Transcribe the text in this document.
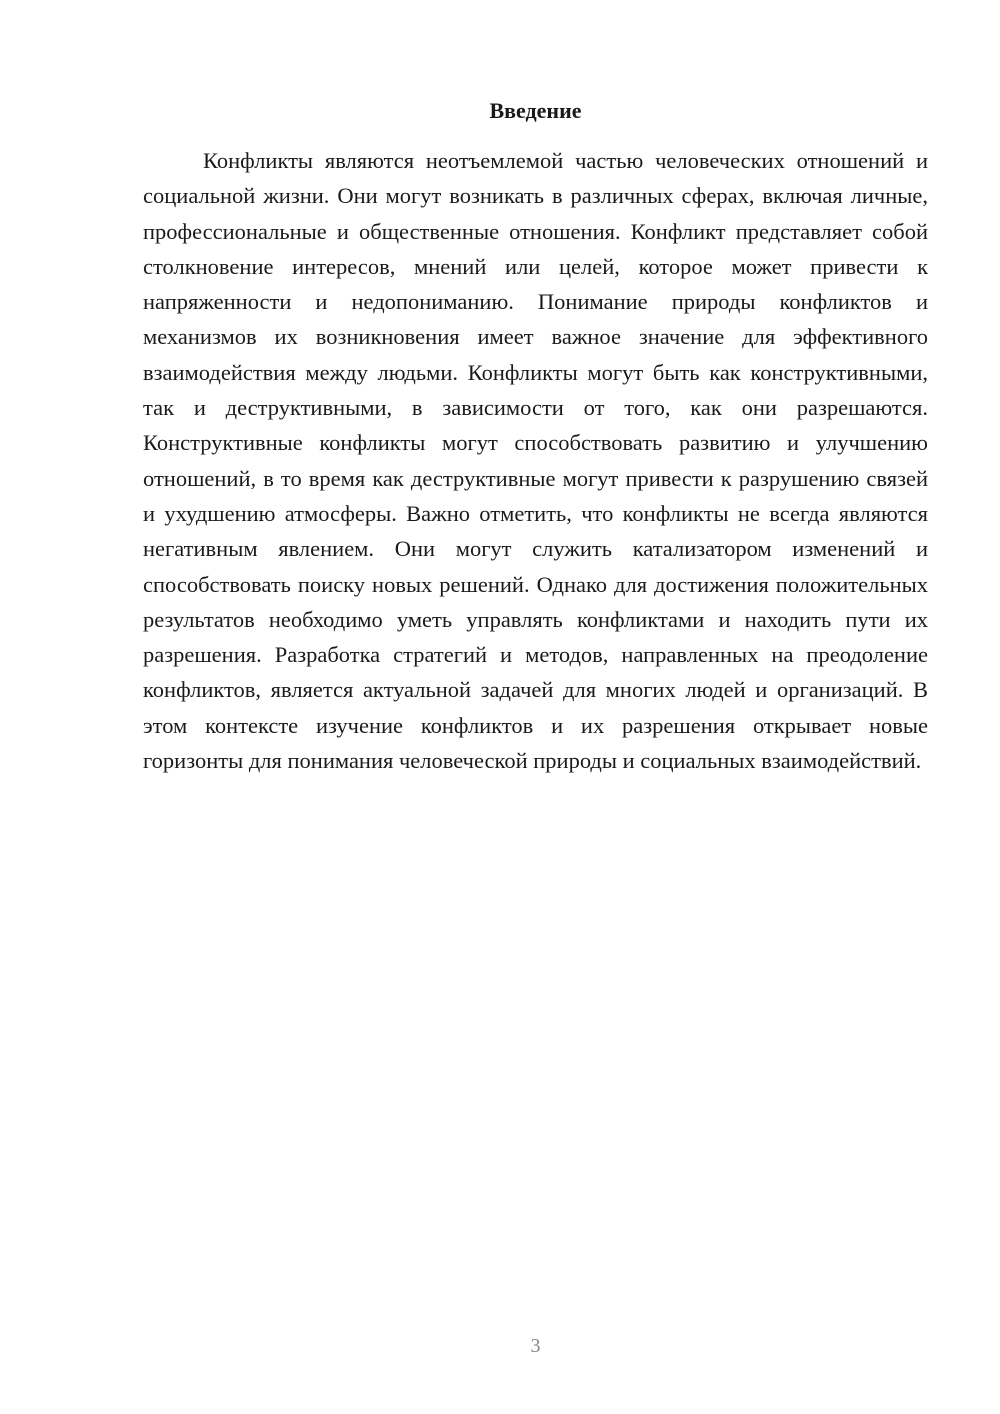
Введение

Конфликты являются неотъемлемой частью человеческих отношений и социальной жизни. Они могут возникать в различных сферах, включая личные, профессиональные и общественные отношения. Конфликт представляет собой столкновение интересов, мнений или целей, которое может привести к напряженности и недопониманию. Понимание природы конфликтов и механизмов их возникновения имеет важное значение для эффективного взаимодействия между людьми. Конфликты могут быть как конструктивными, так и деструктивными, в зависимости от того, как они разрешаются. Конструктивные конфликты могут способствовать развитию и улучшению отношений, в то время как деструктивные могут привести к разрушению связей и ухудшению атмосферы. Важно отметить, что конфликты не всегда являются негативным явлением. Они могут служить катализатором изменений и способствовать поиску новых решений. Однако для достижения положительных результатов необходимо уметь управлять конфликтами и находить пути их разрешения. Разработка стратегий и методов, направленных на преодоление конфликтов, является актуальной задачей для многих людей и организаций. В этом контексте изучение конфликтов и их разрешения открывает новые горизонты для понимания человеческой природы и социальных взаимодействий.

3
